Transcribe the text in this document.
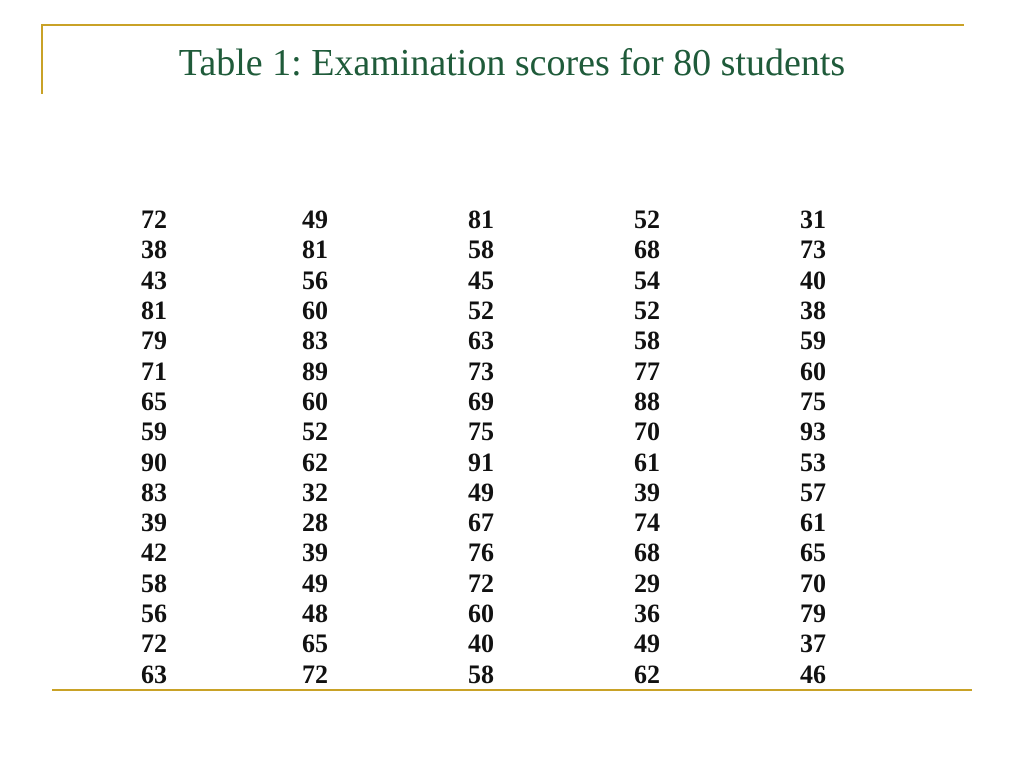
Table 1: Examination scores for 80 students
72	49	81	52	31
38	81	58	68	73
43	56	45	54	40
81	60	52	52	38
79	83	63	58	59
71	89	73	77	60
65	60	69	88	75
59	52	75	70	93
90	62	91	61	53
83	32	49	39	57
39	28	67	74	61
42	39	76	68	65
58	49	72	29	70
56	48	60	36	79
72	65	40	49	37
63	72	58	62	46
